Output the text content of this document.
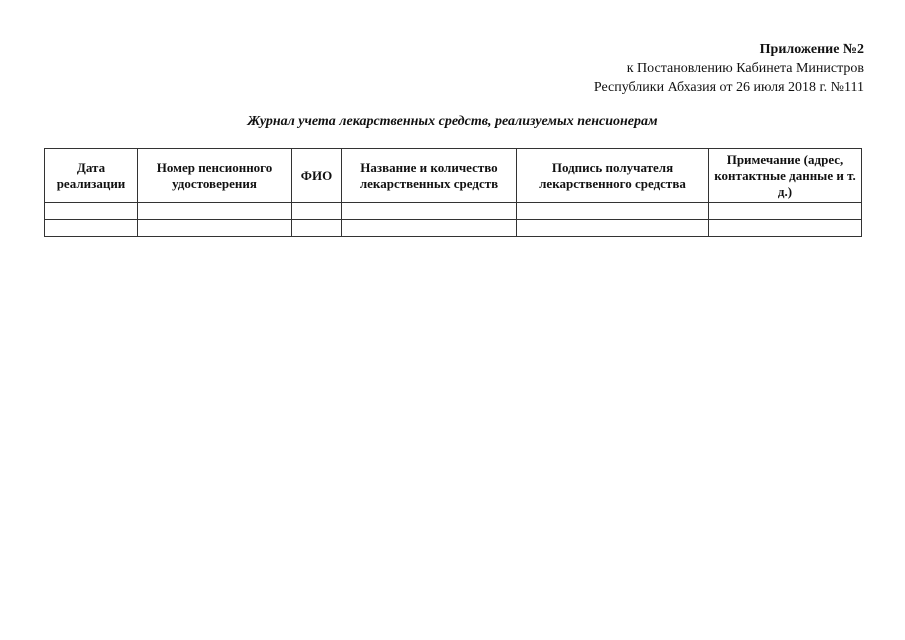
Приложение №2
к Постановлению Кабинета Министров
Республики Абхазия от 26 июля 2018 г. №111
Журнал учета лекарственных средств, реализуемых пенсионерам
Дата реализации	Номер пенсионного удостоверения	ФИО	Название и количество лекарственных средств	Подпись получателя лекарственного средства	Примечание (адрес, контактные данные и т. д.)
